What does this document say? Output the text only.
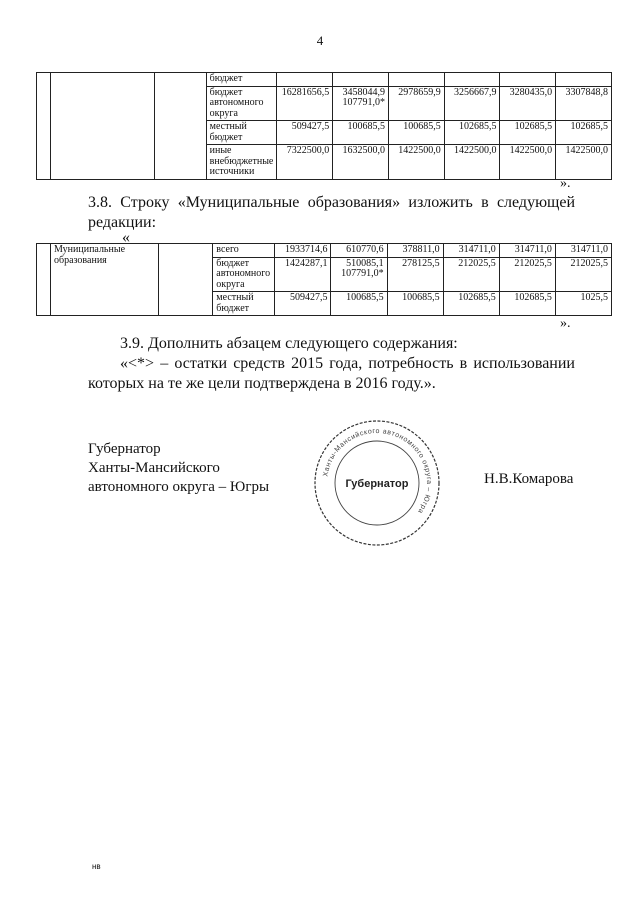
4
			бюджет						
			бюджет автономного округа	16281656,5	3458044,9 107791,0*	2978659,9	3256667,9	3280435,0	3307848,8
			местный бюджет	509427,5	100685,5	100685,5	102685,5	102685,5	102685,5
			иные внебюджетные источники	7322500,0	1632500,0	1422500,0	1422500,0	1422500,0	1422500,0
».
3.8. Строку «Муниципальные образования» изложить в следующей редакции:
«
	Муниципальные образования		всего	1933714,6	610770,6	378811,0	314711,0	314711,0	314711,0
			бюджет автономного округа	1424287,1	510085,1 107791,0*	278125,5	212025,5	212025,5	212025,5
			местный бюджет	509427,5	100685,5	100685,5	102685,5	102685,5	1025,5
».
3.9. Дополнить абзацем следующего содержания:
«<*> – остатки средств 2015 года, потребность в использовании которых на те же цели подтверждена в 2016 году.».
Губернатор
Ханты-Мансийского
автономного округа – Югры
Ханты-Мансийского автономного округа – Югра
Губернатор	Н.В.Комарова
нв
